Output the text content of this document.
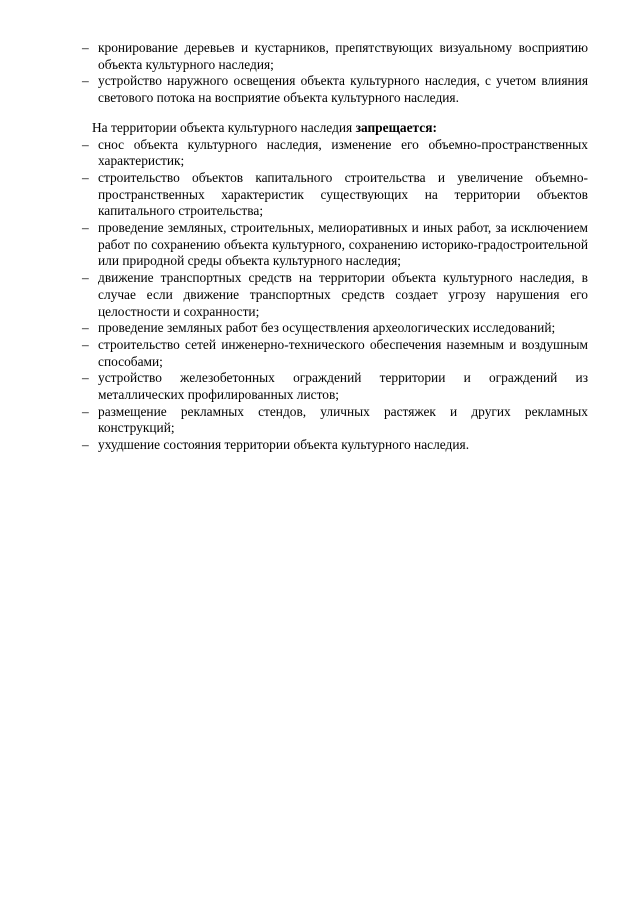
– кронирование деревьев и кустарников, препятствующих визуальному восприятию объекта культурного наследия;
– устройство наружного освещения объекта культурного наследия, с учетом влияния светового потока на восприятие объекта культурного наследия.

На территории объекта культурного наследия запрещается:

– снос объекта культурного наследия, изменение его объемно-пространственных характеристик;
– строительство объектов капитального строительства и увеличение объемно-пространственных характеристик существующих на территории объектов капитального строительства;
– проведение земляных, строительных, мелиоративных и иных работ, за исключением работ по сохранению объекта культурного, сохранению историко-градостроительной или природной среды объекта культурного наследия;
– движение транспортных средств на территории объекта культурного наследия, в случае если движение транспортных средств создает угрозу нарушения его целостности и сохранности;
– проведение земляных работ без осуществления археологических исследований;
– строительство сетей инженерно-технического обеспечения наземным и воздушным способами;
– устройство железобетонных ограждений территории и ограждений из металлических профилированных листов;
– размещение рекламных стендов, уличных растяжек и других рекламных конструкций;
– ухудшение состояния территории объекта культурного наследия.
